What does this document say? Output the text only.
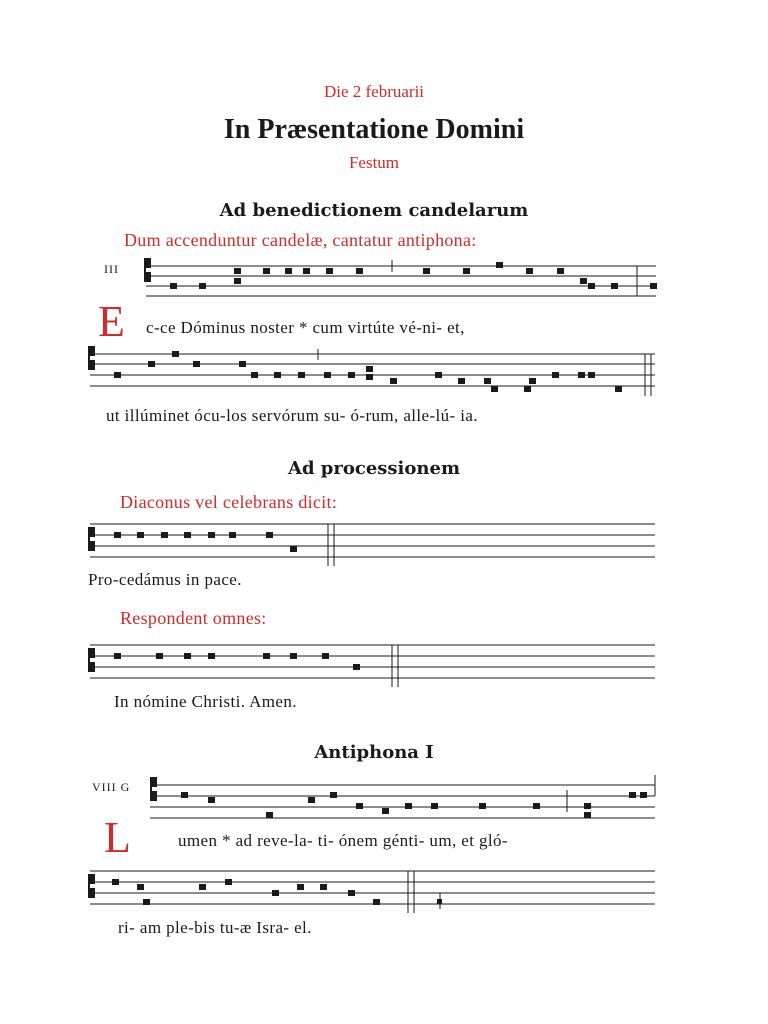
Die 2 februarii
In Præsentatione Domini
Festum
Ad benedictionem candelarum
Dum accenduntur candelæ, cantatur antiphona:
III
E c-ce Dóminus noster * cum virtúte vé-ni- et,
ut illúminet ócu-los servórum su- ó-rum, alle-lú- ia.
Ad processionem
Diaconus vel celebrans dicit:
Pro-cedámus in pace.
Respondent omnes:
In nómine Christi. Amen.
Antiphona I
VIII G
L	umen * ad reve-la- ti- ónem génti- um, et gló-
ri- am ple-bis tu-æ Isra- el.
